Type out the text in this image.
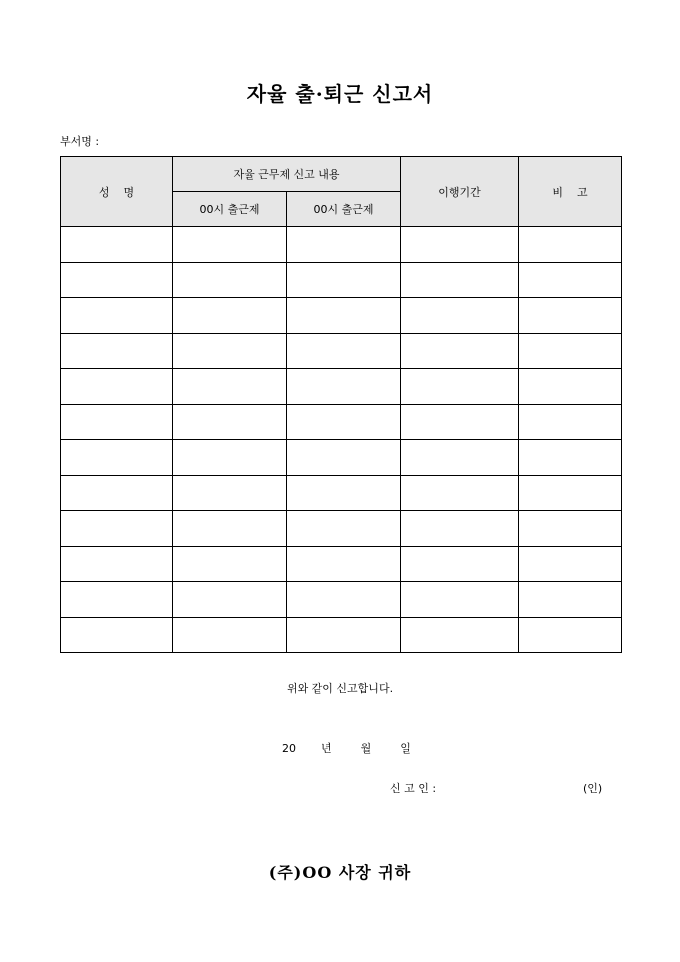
자율 출·퇴근 신고서
부서명 :
성    명	자율 근무제 신고 내용		이행기간	비    고
	00시 출근제	00시 출근제		

위와 같이 신고합니다.
20 년	월	일
신 고 인 :	(인)
(주)OO 사장 귀하
